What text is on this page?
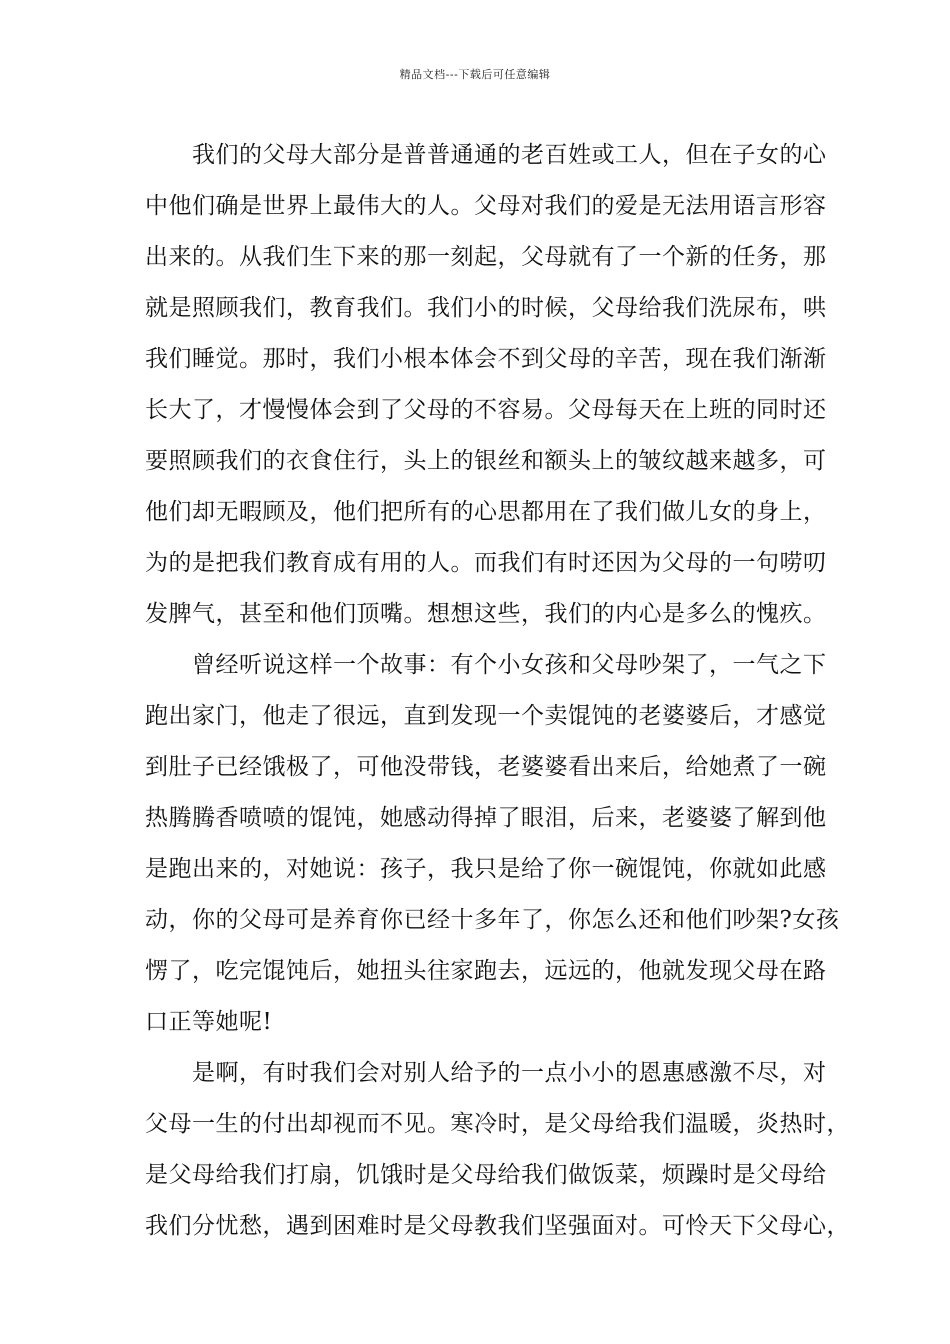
精品文档---下载后可任意编辑
我们的父母大部分是普普通通的老百姓或工人，但在子女的心
中他们确是世界上最伟大的人。父母对我们的爱是无法用语言形容
出来的。从我们生下来的那一刻起，父母就有了一个新的任务，那
就是照顾我们，教育我们。我们小的时候，父母给我们洗尿布，哄
我们睡觉。那时，我们小根本体会不到父母的辛苦，现在我们渐渐
长大了，才慢慢体会到了父母的不容易。父母每天在上班的同时还
要照顾我们的衣食住行，头上的银丝和额头上的皱纹越来越多，可
他们却无暇顾及，他们把所有的心思都用在了我们做儿女的身上，
为的是把我们教育成有用的人。而我们有时还因为父母的一句唠叨
发脾气，甚至和他们顶嘴。想想这些，我们的内心是多么的愧疚。
曾经听说这样一个故事：有个小女孩和父母吵架了，一气之下
跑出家门，他走了很远，直到发现一个卖馄饨的老婆婆后，才感觉
到肚子已经饿极了，可他没带钱，老婆婆看出来后，给她煮了一碗
热腾腾香喷喷的馄饨，她感动得掉了眼泪，后来，老婆婆了解到他
是跑出来的，对她说：孩子，我只是给了你一碗馄饨，你就如此感
动，你的父母可是养育你已经十多年了，你怎么还和他们吵架?女孩
愣了，吃完馄饨后，她扭头往家跑去，远远的，他就发现父母在路
口正等她呢!
是啊，有时我们会对别人给予的一点小小的恩惠感激不尽，对
父母一生的付出却视而不见。寒冷时，是父母给我们温暖，炎热时，
是父母给我们打扇，饥饿时是父母给我们做饭菜，烦躁时是父母给
我们分忧愁，遇到困难时是父母教我们坚强面对。可怜天下父母心，
